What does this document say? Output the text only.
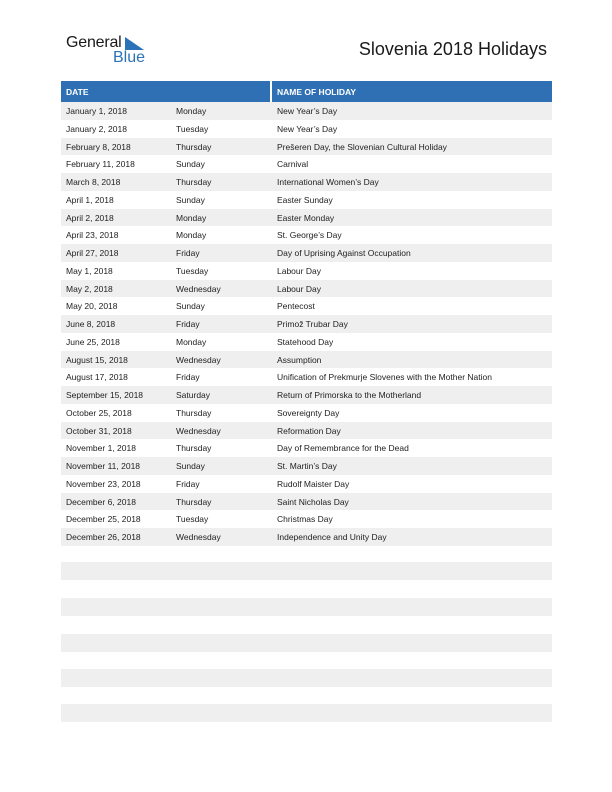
General
Blue	Slovenia 2018 Holidays
DATE	NAME OF HOLIDAY
January 1, 2018	Monday	New Year’s Day
January 2, 2018	Tuesday	New Year’s Day
February 8, 2018	Thursday	Prešeren Day, the Slovenian Cultural Holiday
February 11, 2018	Sunday	Carnival
March 8, 2018	Thursday	International Women’s Day
April 1, 2018	Sunday	Easter Sunday
April 2, 2018	Monday	Easter Monday
April 23, 2018	Monday	St. George’s Day
April 27, 2018	Friday	Day of Uprising Against Occupation
May 1, 2018	Tuesday	Labour Day
May 2, 2018	Wednesday	Labour Day
May 20, 2018	Sunday	Pentecost
June 8, 2018	Friday	Primož Trubar Day
June 25, 2018	Monday	Statehood Day
August 15, 2018	Wednesday	Assumption
August 17, 2018	Friday	Unification of Prekmurje Slovenes with the Mother Nation
September 15, 2018	Saturday	Return of Primorska to the Motherland
October 25, 2018	Thursday	Sovereignty Day
October 31, 2018	Wednesday	Reformation Day
November 1, 2018	Thursday	Day of Remembrance for the Dead
November 11, 2018	Sunday	St. Martin’s Day
November 23, 2018	Friday	Rudolf Maister Day
December 6, 2018	Thursday	Saint Nicholas Day
December 25, 2018	Tuesday	Christmas Day
December 26, 2018	Wednesday	Independence and Unity Day
